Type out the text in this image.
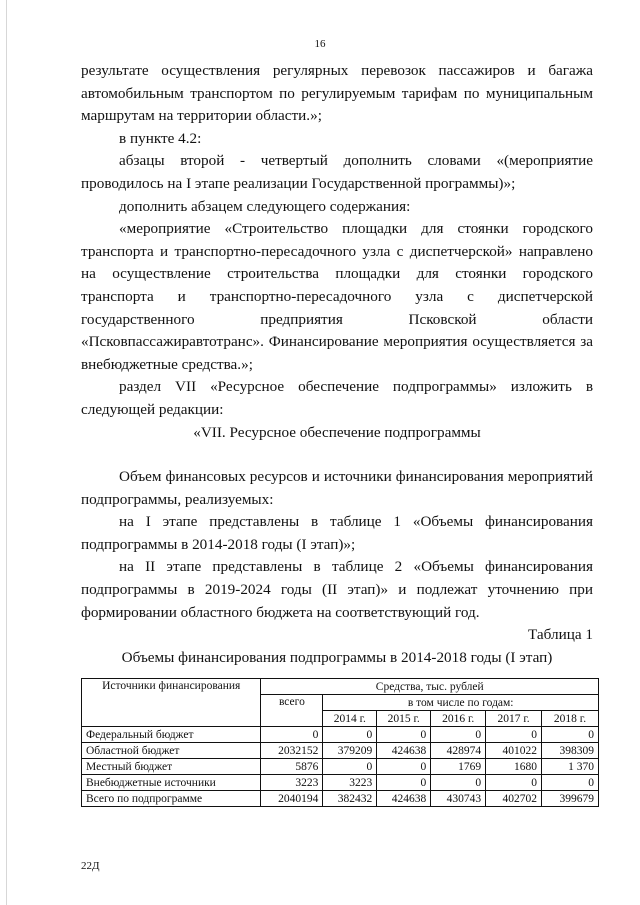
16

результате осуществления регулярных перевозок пассажиров и багажа автомобильным транспортом по регулируемым тарифам по муниципальным маршрутам на территории области.»;

в пункте 4.2:

абзацы второй - четвертый дополнить словами «(мероприятие проводилось на I этапе реализации Государственной программы)»;

дополнить абзацем следующего содержания:

«мероприятие «Строительство площадки для стоянки городского транспорта и транспортно-пересадочного узла с диспетчерской» направлено на осуществление строительства площадки для стоянки городского транспорта и транспортно-пересадочного узла с диспетчерской государственного предприятия Псковской области «Псковпассажиравтотранс». Финансирование мероприятия осуществляется за внебюджетные средства.»;

раздел VII «Ресурсное обеспечение подпрограммы» изложить в следующей редакции:

«VII. Ресурсное обеспечение подпрограммы

Объем финансовых ресурсов и источники финансирования мероприятий подпрограммы, реализуемых:

на I этапе представлены в таблице 1 «Объемы финансирования подпрограммы в 2014-2018 годы (I этап)»;

на II этапе представлены в таблице 2 «Объемы финансирования подпрограммы в 2019-2024 годы (II этап)» и подлежат уточнению при формировании областного бюджета на соответствующий год.

Таблица 1

Объемы финансирования подпрограммы в 2014-2018 годы (I этап)

Источники финансирования	Средства, тыс. рублей					
	всего	в том числе по годам:				
		2014 г.	2015 г.	2016 г.	2017 г.	2018 г.
Федеральный бюджет	0	0	0	0	0	0
Областной бюджет	2032152	379209	424638	428974	401022	398309
Местный бюджет	5876	0	0	1769	1680	1 370
Внебюджетные источники	3223	3223	0	0	0	0
Всего по подпрограмме	2040194	382432	424638	430743	402702	399679
22Д
